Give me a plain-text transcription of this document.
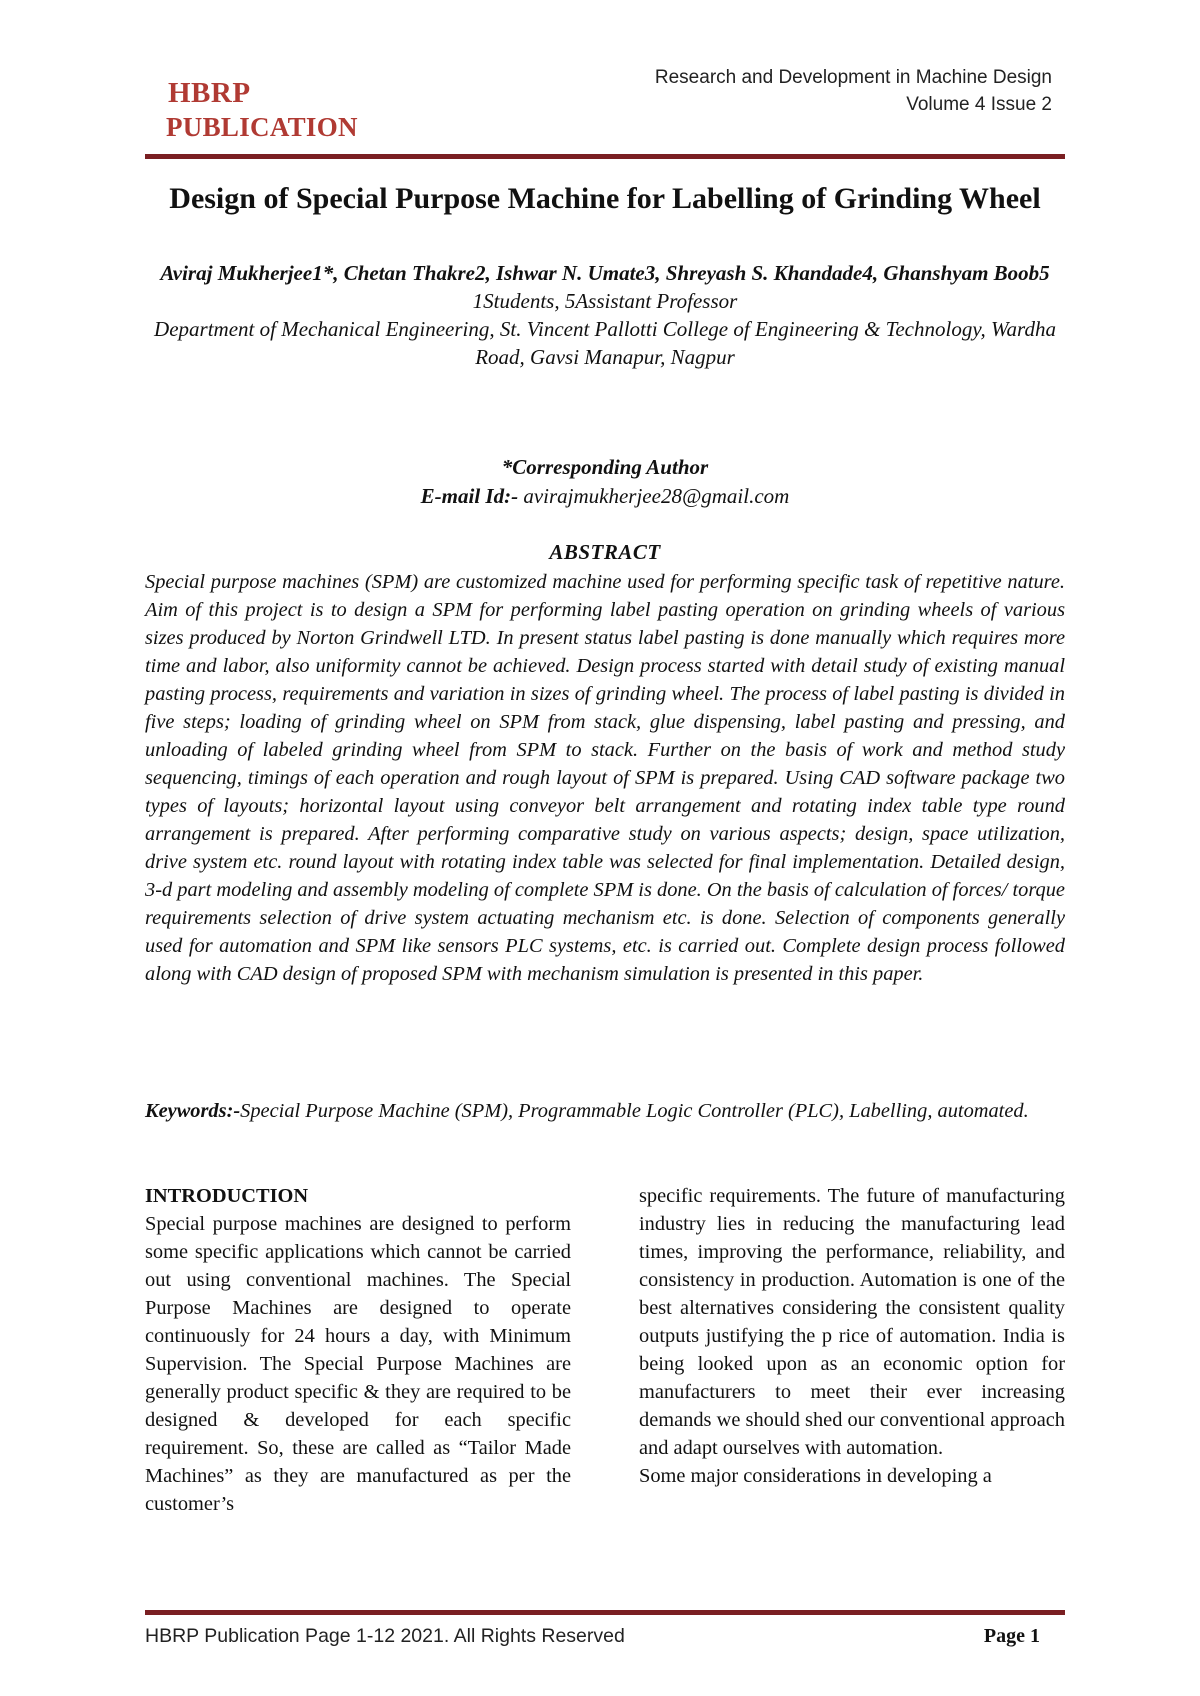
HBRP
PUBLICATION
Research and Development in Machine Design
Volume 4 Issue 2
Design of Special Purpose Machine for Labelling of Grinding Wheel
Aviraj Mukherjee1*, Chetan Thakre2, Ishwar N. Umate3, Shreyash S. Khandade4, Ghanshyam Boob5
1Students, 5Assistant Professor
Department of Mechanical Engineering, St. Vincent Pallotti College of Engineering & Technology, Wardha Road, Gavsi Manapur, Nagpur
*Corresponding Author
E-mail Id:- avirajmukherjee28@gmail.com
ABSTRACT

Special purpose machines (SPM) are customized machine used for performing specific task of repetitive nature. Aim of this project is to design a SPM for performing label pasting operation on grinding wheels of various sizes produced by Norton Grindwell LTD. In present status label pasting is done manually which requires more time and labor, also uniformity cannot be achieved. Design process started with detail study of existing manual pasting process, requirements and variation in sizes of grinding wheel. The process of label pasting is divided in five steps; loading of grinding wheel on SPM from stack, glue dispensing, label pasting and pressing, and unloading of labeled grinding wheel from SPM to stack. Further on the basis of work and method study sequencing, timings of each operation and rough layout of SPM is prepared. Using CAD software package two types of layouts; horizontal layout using conveyor belt arrangement and rotating index table type round arrangement is prepared. After performing comparative study on various aspects; design, space utilization, drive system etc. round layout with rotating index table was selected for final implementation. Detailed design, 3-d part modeling and assembly modeling of complete SPM is done. On the basis of calculation of forces/ torque requirements selection of drive system actuating mechanism etc. is done. Selection of components generally used for automation and SPM like sensors PLC systems, etc. is carried out. Complete design process followed along with CAD design of proposed SPM with mechanism simulation is presented in this paper.

Keywords:-Special Purpose Machine (SPM), Programmable Logic Controller (PLC), Labelling, automated.

INTRODUCTION

Special purpose machines are designed to perform some specific applications which cannot be carried out using conventional machines. The Special Purpose Machines are designed to operate continuously for 24 hours a day, with Minimum Supervision. The Special Purpose Machines are generally product specific & they are required to be designed & developed for each specific requirement. So, these are called as “Tailor Made Machines” as they are manufactured as per the customer’s

specific requirements. The future of manufacturing industry lies in reducing the manufacturing lead times, improving the performance, reliability, and consistency in production. Automation is one of the best alternatives considering the consistent quality outputs justifying the p rice of automation. India is being looked upon as an economic option for manufacturers to meet their ever increasing demands we should shed our conventional approach and adapt ourselves with automation.

Some major considerations in developing a

HBRP Publication Page 1-12 2021. All Rights Reserved	Page 1
